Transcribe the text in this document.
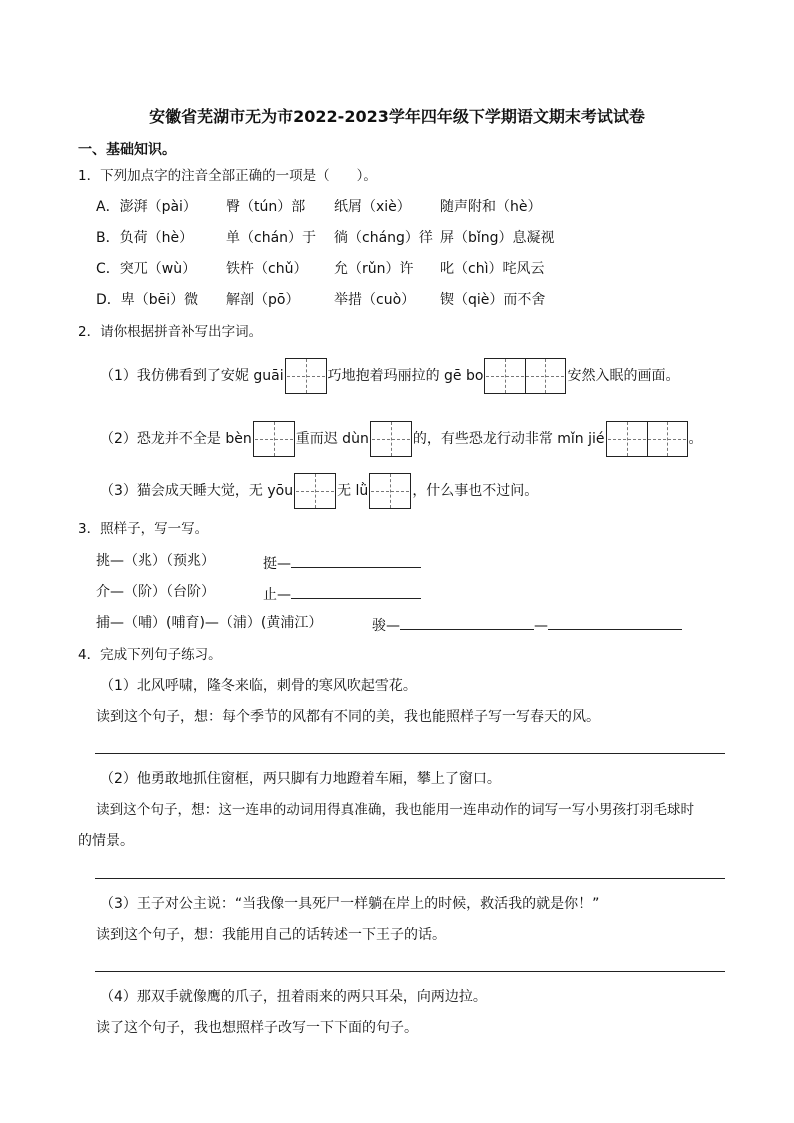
安徽省芜湖市无为市2022-2023学年四年级下学期语文期末考试试卷
一、基础知识。
1．下列加点字的注音全部正确的一项是（　　）。
A．澎湃（pài） 臀（tún）部 纸屑（xiè） 随声附和（hè）
B．负荷（hè） 单（chán）于 徜（cháng）徉 屏（bǐng）息凝视
C．突兀（wù） 铁杵（chǔ） 允（rǔn）许 叱（chì）咤风云
D．卑（bēi）微 解剖（pō） 举措（cuò） 锲（qiè）而不舍
2．请你根据拼音补写出字词。
（1）我仿佛看到了安妮 guāi	巧地抱着玛丽拉的 gē bo	安然入眠的画面。
（2）恐龙并不全是 bèn	重而迟 dùn	的，有些恐龙行动非常 mǐn jié	。
（3）猫会成天睡大觉，无 yōu	无 lǜ	，什么事也不过问。
3．照样子，写一写。
挑—（兆）（预兆）	挺—
介—（阶）（台阶）	止—
捕—（哺）(哺育)—（浦）(黄浦江）	骏—	—
4．完成下列句子练习。
（1）北风呼啸，隆冬来临，刺骨的寒风吹起雪花。
读到这个句子，想：每个季节的风都有不同的美，我也能照样子写一写春天的风。
（2）他勇敢地抓住窗框，两只脚有力地蹬着车厢，攀上了窗口。
读到这个句子，想：这一连串的动词用得真准确，我也能用一连串动作的词写一写小男孩打羽毛球时
的情景。
（3）王子对公主说：“当我像一具死尸一样躺在岸上的时候，救活我的就是你！”
读到这个句子，想：我能用自己的话转述一下王子的话。
（4）那双手就像鹰的爪子，扭着雨来的两只耳朵，向两边拉。
读了这个句子，我也想照样子改写一下下面的句子。
